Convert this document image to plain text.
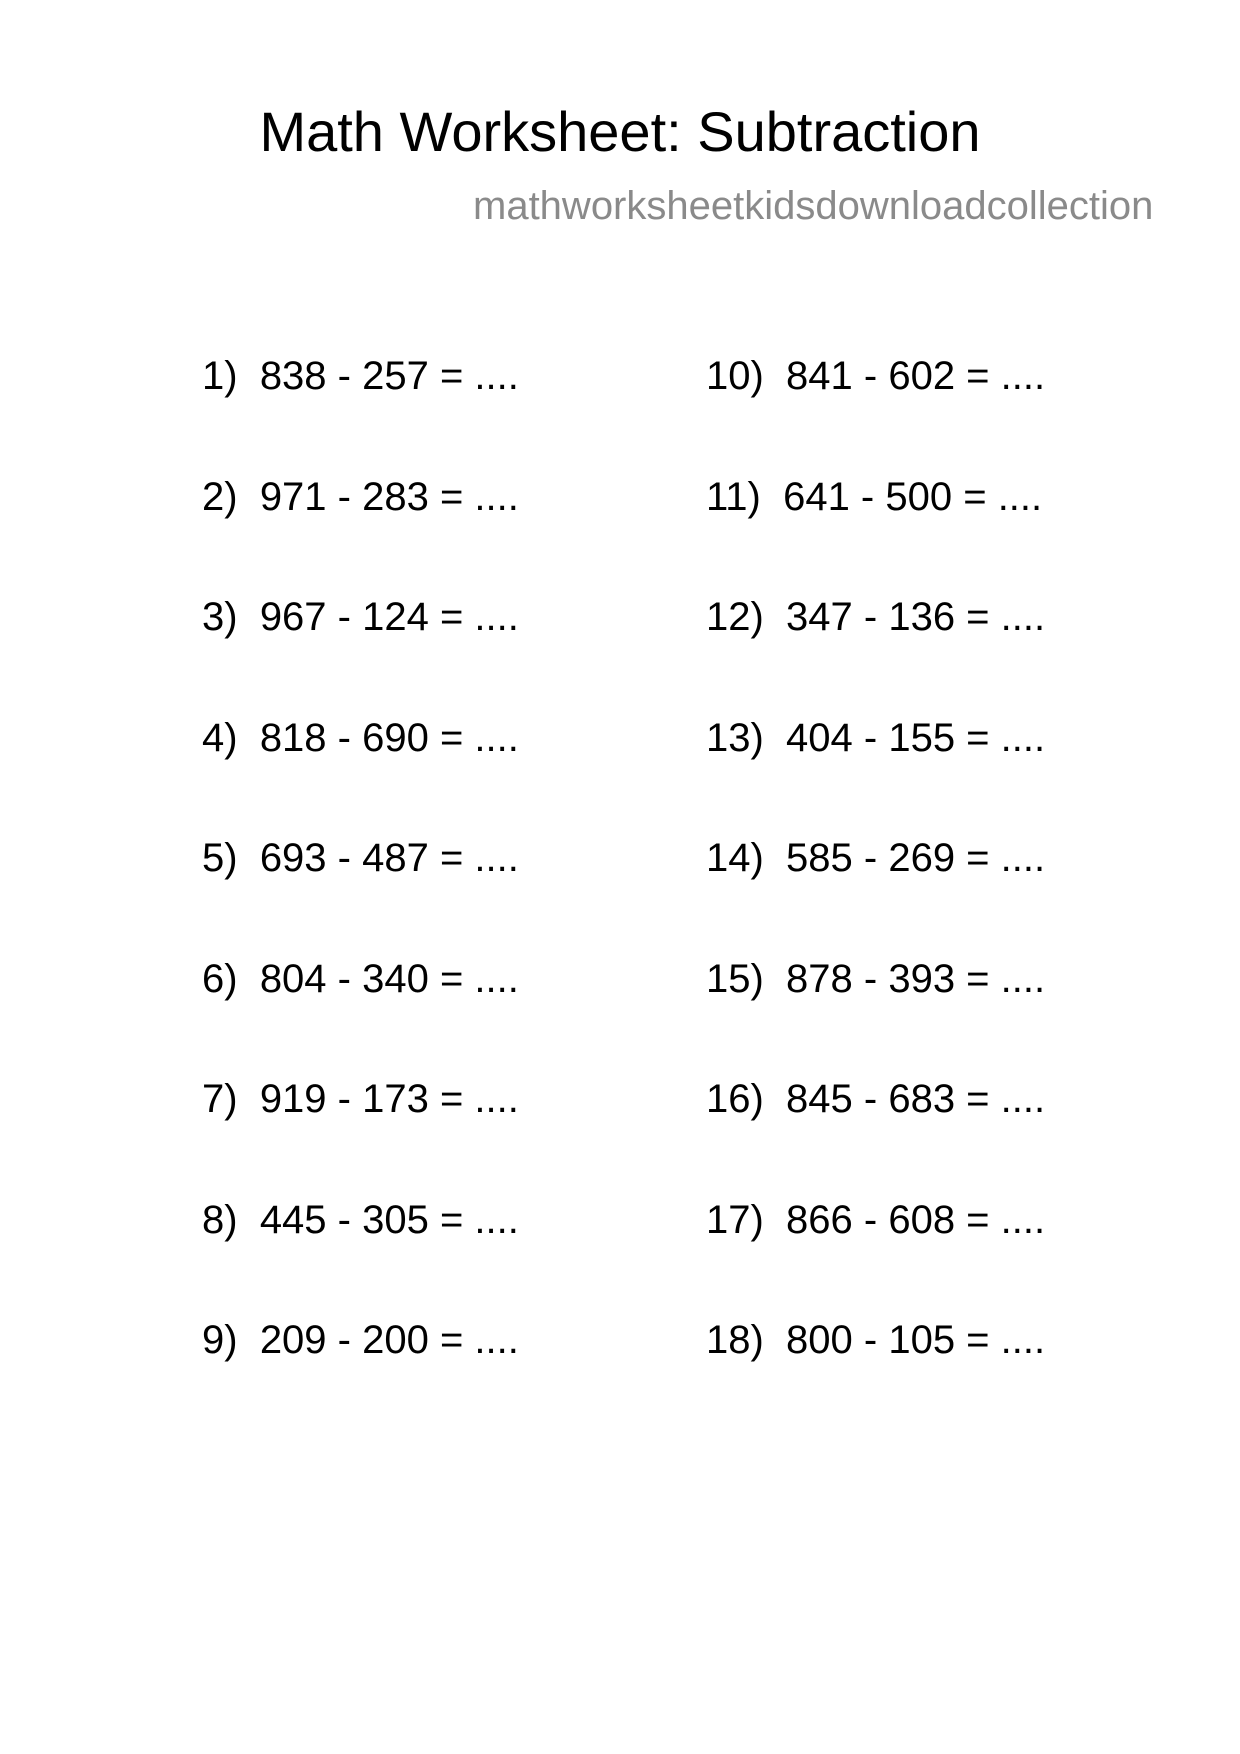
Math Worksheet: Subtraction
mathworksheetkidsdownloadcollection
1) 838 - 257 = ....
2) 971 - 283 = ....
3) 967 - 124 = ....
4) 818 - 690 = ....
5) 693 - 487 = ....
6) 804 - 340 = ....
7) 919 - 173 = ....
8) 445 - 305 = ....
9) 209 - 200 = ....
10) 841 - 602 = ....
11) 641 - 500 = ....
12) 347 - 136 = ....
13) 404 - 155 = ....
14) 585 - 269 = ....
15) 878 - 393 = ....
16) 845 - 683 = ....
17) 866 - 608 = ....
18) 800 - 105 = ....
